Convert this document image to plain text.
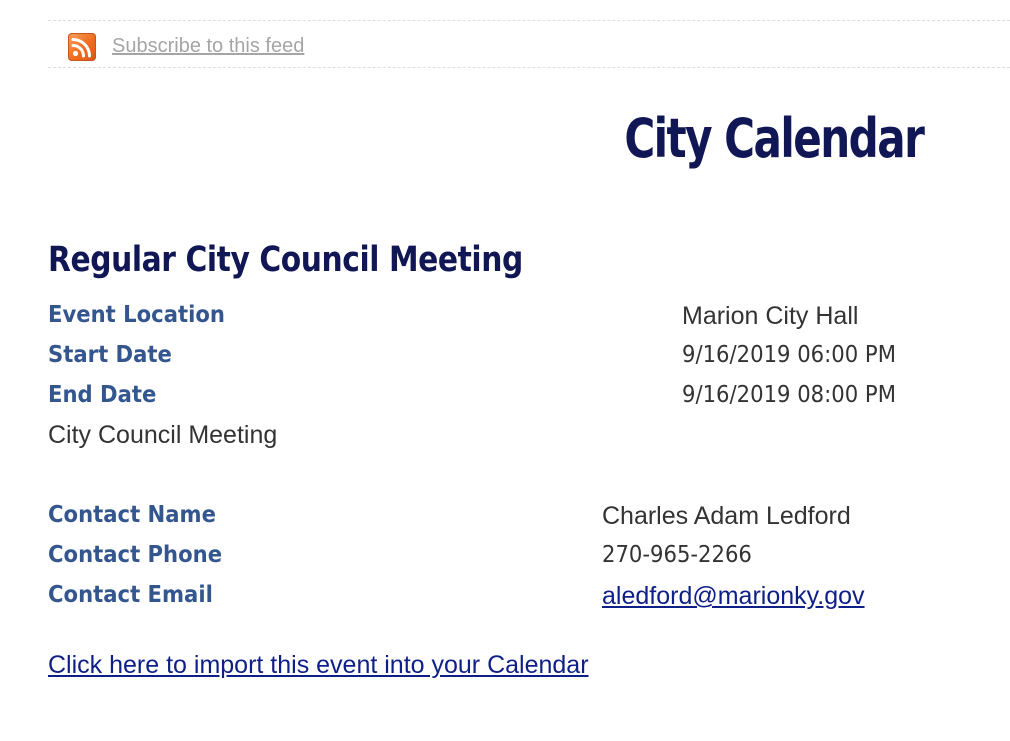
Subscribe to this feed
City Calendar
Regular City Council Meeting
Event Location	Marion City Hall
Start Date	9/16/2019 06:00 PM
End Date	9/16/2019 08:00 PM
City Council Meeting
Contact Name	Charles Adam Ledford
Contact Phone	270-965-2266
Contact Email	aledford@marionky.gov
Click here to import this event into your Calendar
